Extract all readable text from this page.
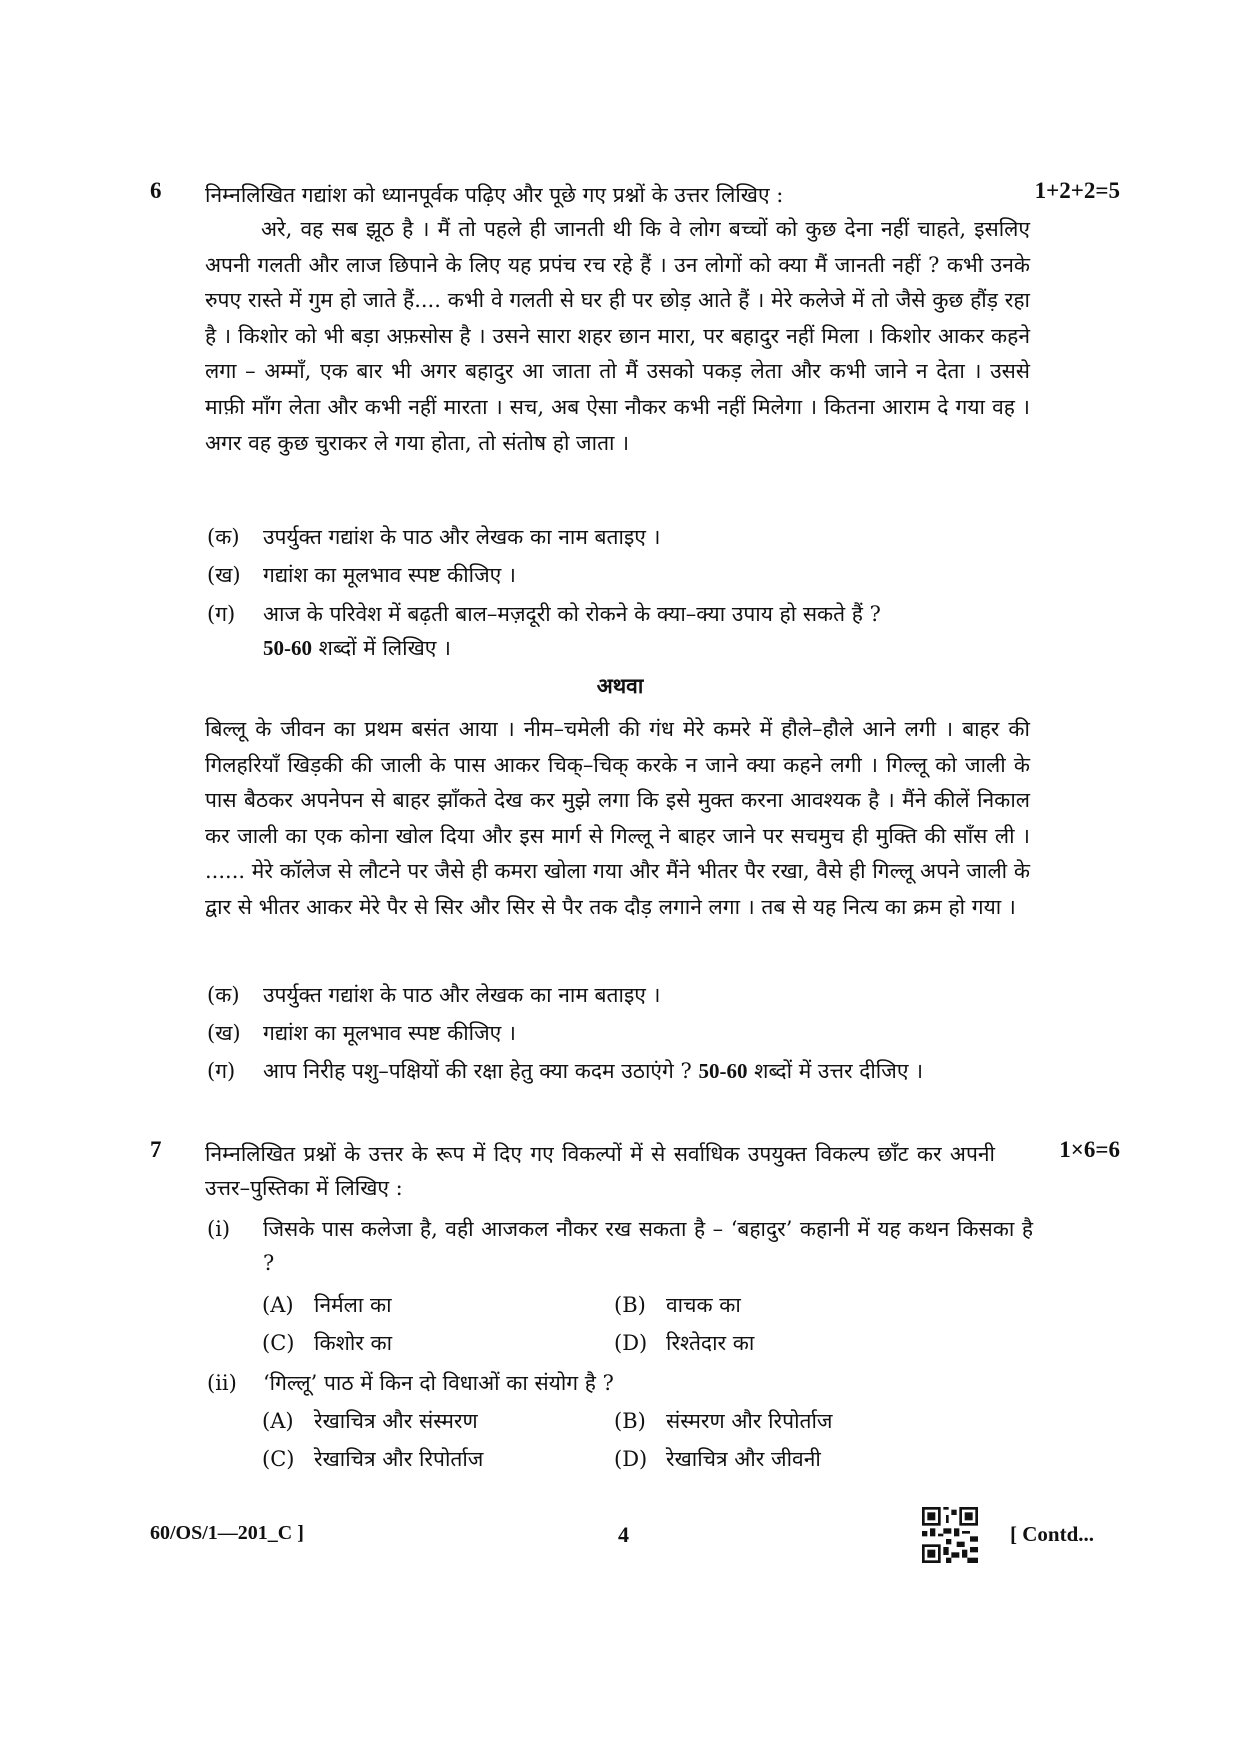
6 निम्नलिखित गद्यांश को ध्यानपूर्वक पढ़िए और पूछे गए प्रश्नों के उत्तर लिखिए :	1+2+2=5
अरे, वह सब झूठ है । मैं तो पहले ही जानती थी कि वे लोग बच्चों को कुछ देना नहीं चाहते, इसलिए अपनी गलती और लाज छिपाने के लिए यह प्रपंच रच रहे हैं । उन लोगों को क्या मैं जानती नहीं ? कभी उनके रुपए रास्ते में गुम हो जाते हैं.... कभी वे गलती से घर ही पर छोड़ आते हैं । मेरे कलेजे में तो जैसे कुछ हौंड़ रहा है । किशोर को भी बड़ा अफ़सोस है । उसने सारा शहर छान मारा, पर बहादुर नहीं मिला । किशोर आकर कहने लगा – अम्माँ, एक बार भी अगर बहादुर आ जाता तो मैं उसको पकड़ लेता और कभी जाने न देता । उससे माफ़ी माँग लेता और कभी नहीं मारता । सच, अब ऐसा नौकर कभी नहीं मिलेगा । कितना आराम दे गया वह । अगर वह कुछ चुराकर ले गया होता, तो संतोष हो जाता ।
(क) उपर्युक्त गद्यांश के पाठ और लेखक का नाम बताइए ।
(ख) गद्यांश का मूलभाव स्पष्ट कीजिए ।
(ग) आज के परिवेश में बढ़ती बाल–मज़दूरी को रोकने के क्या–क्या उपाय हो सकते हैं ?
50-60 शब्दों में लिखिए ।
अथवा
बिल्लू के जीवन का प्रथम बसंत आया । नीम–चमेली की गंध मेरे कमरे में हौले–हौले आने लगी । बाहर की गिलहरियाँ खिड़की की जाली के पास आकर चिक्–चिक् करके न जाने क्या कहने लगी । गिल्लू को जाली के पास बैठकर अपनेपन से बाहर झाँकते देख कर मुझे लगा कि इसे मुक्त करना आवश्यक है । मैंने कीलें निकाल कर जाली का एक कोना खोल दिया और इस मार्ग से गिल्लू ने बाहर जाने पर सचमुच ही मुक्ति की साँस ली । ...... मेरे कॉलेज से लौटने पर जैसे ही कमरा खोला गया और मैंने भीतर पैर रखा, वैसे ही गिल्लू अपने जाली के द्वार से भीतर आकर मेरे पैर से सिर और सिर से पैर तक दौड़ लगाने लगा । तब से यह नित्य का क्रम हो गया ।
(क) उपर्युक्त गद्यांश के पाठ और लेखक का नाम बताइए ।
(ख) गद्यांश का मूलभाव स्पष्ट कीजिए ।
(ग) आप निरीह पशु–पक्षियों की रक्षा हेतु क्या कदम उठाएंगे ? 50-60 शब्दों में उत्तर दीजिए ।
7 निम्नलिखित प्रश्नों के उत्तर के रूप में दिए गए विकल्पों में से सर्वाधिक उपयुक्त विकल्प छाँट कर अपनी उत्तर–पुस्तिका में लिखिए :
1×6=6
(i) जिसके पास कलेजा है, वही आजकल नौकर रख सकता है – ‘बहादुर’ कहानी में यह कथन किसका है ?
(A) निर्मला का	(B) वाचक का
(C) किशोर का	(D) रिश्तेदार का
(ii) ‘गिल्लू’ पाठ में किन दो विधाओं का संयोग है ?
(A) रेखाचित्र और संस्मरण	(B) संस्मरण और रिपोर्ताज
(C) रेखाचित्र और रिपोर्ताज	(D) रेखाचित्र और जीवनी
60/OS/1—201_C ]	4	[ Contd...
